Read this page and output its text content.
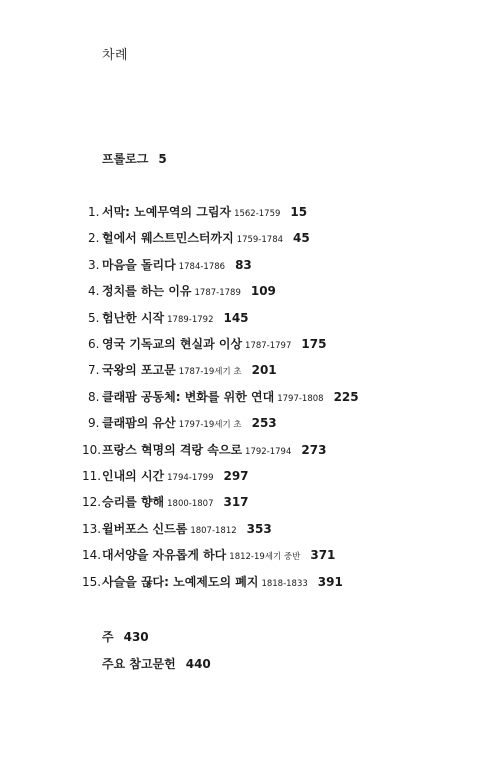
차례
프롤로그 5
1. 서막: 노예무역의 그림자 1562-1759 15
2. 헐에서 웨스트민스터까지 1759-1784 45
3. 마음을 돌리다 1784-1786 83
4. 정치를 하는 이유 1787-1789 109
5. 험난한 시작 1789-1792 145
6. 영국 기독교의 현실과 이상 1787-1797 175
7. 국왕의 포고문 1787-19세기 초 201
8. 클래팜 공동체: 변화를 위한 연대 1797-1808 225
9. 클래팜의 유산 1797-19세기 초 253
10.프랑스 혁명의 격랑 속으로 1792-1794 273
11.인내의 시간 1794-1799 297
12.승리를 향해 1800-1807 317
13.윌버포스 신드롬 1807-1812 353
14.대서양을 자유롭게 하다 1812-19세기 중반 371
15.사슬을 끊다: 노예제도의 폐지 1818-1833 391
주 430
주요 참고문헌 440
